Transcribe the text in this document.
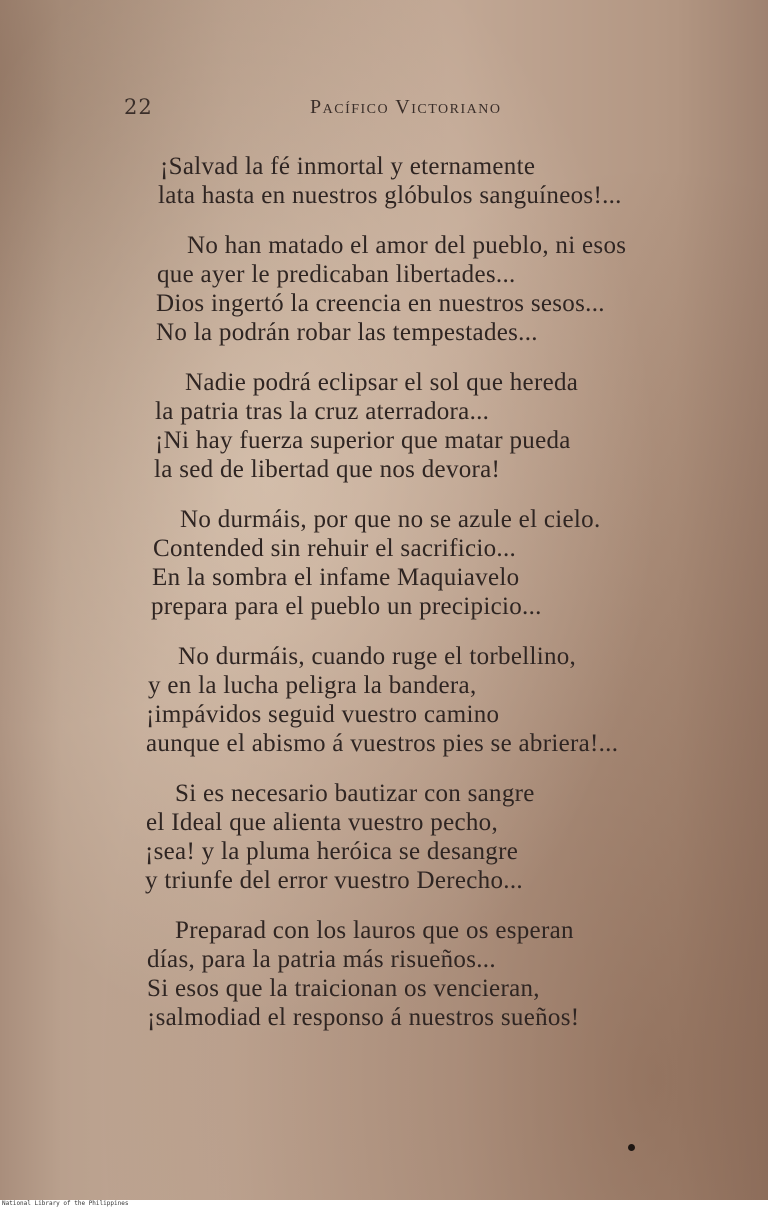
22	Pacífico Victoriano
¡Salvad la fé inmortal y eternamente
lata hasta en nuestros glóbulos sanguíneos!...
No han matado el amor del pueblo, ni esos
que ayer le predicaban libertades...
Dios ingertó la creencia en nuestros sesos...
No la podrán robar las tempestades...
Nadie podrá eclipsar el sol que hereda
la patria tras la cruz aterradora...
¡Ni hay fuerza superior que matar pueda
la sed de libertad que nos devora!
No durmáis, por que no se azule el cielo.
Contended sin rehuir el sacrificio...
En la sombra el infame Maquiavelo
prepara para el pueblo un precipicio...
No durmáis, cuando ruge el torbellino,
y en la lucha peligra la bandera,
¡impávidos seguid vuestro camino
aunque el abismo á vuestros pies se abriera!...
Si es necesario bautizar con sangre
el Ideal que alienta vuestro pecho,
¡sea! y la pluma heróica se desangre
y triunfe del error vuestro Derecho...
Preparad con los lauros que os esperan
días, para la patria más risueños...
Si esos que la traicionan os vencieran,
¡salmodiad el responso á nuestros sueños!
National Library of the Philippines
